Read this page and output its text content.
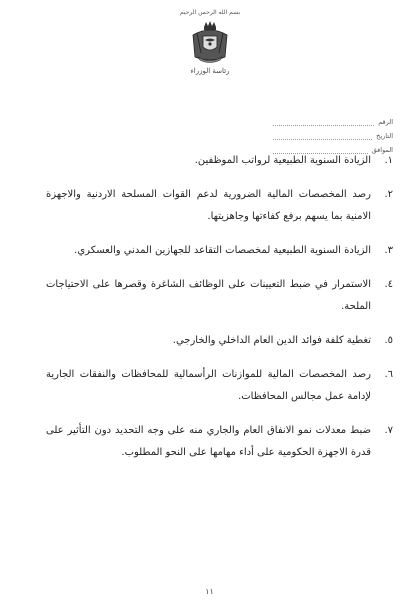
بسم الله الرحمن الرحيم
رئاسة الوزراء
الرقم
التاريخ
الموافق
١.
الزيادة السنوية الطبيعية لرواتب الموظفين.
٢.
رصد المخصصات المالية الضرورية لدعم القوات المسلحة الاردنية والاجهزة الامنية بما يسهم برفع كفاءتها وجاهزيتها.
٣.
الزيادة السنوية الطبيعية لمخصصات التقاعد للجهازين المدني والعسكري.
٤.
الاستمرار في ضبط التعيينات على الوظائف الشاغرة وقصرها على الاحتياجات الملحة.
٥.
تغطية كلفة فوائد الدين العام الداخلي والخارجي.
٦.
رصد المخصصات المالية للموازنات الرأسمالية للمحافظات والنفقات الجارية لإدامة عمل مجالس المحافظات.
٧.
ضبط معدلات نمو الانفاق العام والجاري منه على وجه التحديد دون التأثير على قدرة الاجهزة الحكومية على أداء مهامها على النحو المطلوب.
١١
